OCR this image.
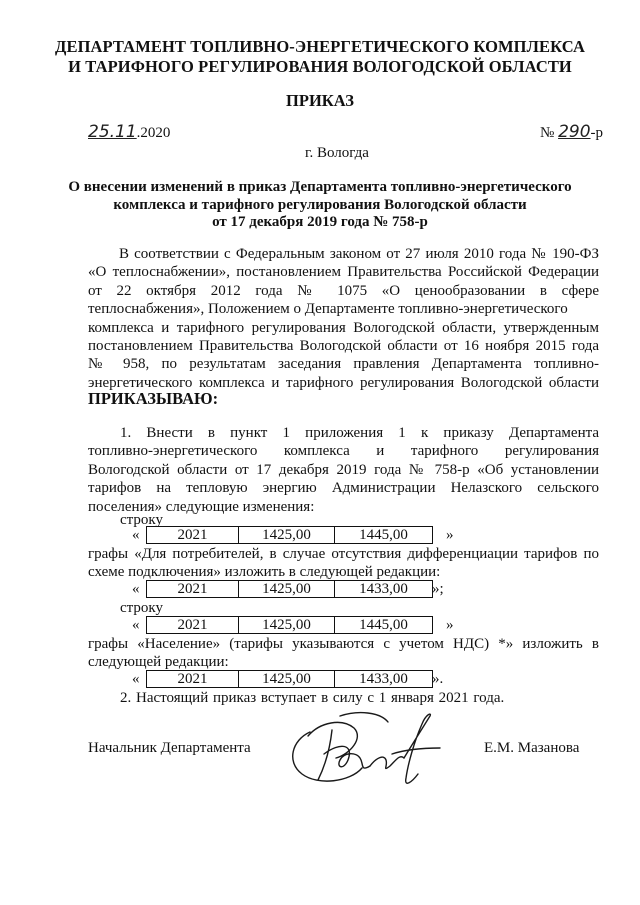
ДЕПАРТАМЕНТ ТОПЛИВНО-ЭНЕРГЕТИЧЕСКОГО КОМПЛЕКСА
И ТАРИФНОГО РЕГУЛИРОВАНИЯ ВОЛОГОДСКОЙ ОБЛАСТИ
ПРИКАЗ
25.11.2020	№ 290-р
г. Вологда
О внесении изменений в приказ Департамента топливно-энергетического
комплекса и тарифного регулирования Вологодской области
от 17 декабря 2019 года № 758-р
В соответствии с Федеральным законом от 27 июля 2010 года № 190-ФЗ
«О теплоснабжении», постановлением Правительства Российской Федерации
от 22 октября 2012 года № 1075 «О ценообразовании в сфере
теплоснабжения», Положением о Департаменте топливно-энергетического
комплекса и тарифного регулирования Вологодской области, утвержденным
постановлением Правительства Вологодской области от 16 ноября 2015 года
№ 958, по результатам заседания правления Департамента топливно-
энергетического комплекса и тарифного регулирования Вологодской области
ПРИКАЗЫВАЮ:
1. Внести в пункт 1 приложения 1 к приказу Департамента
топливно-энергетического комплекса и тарифного регулирования
Вологодской области от 17 декабря 2019 года № 758-р «Об установлении
тарифов на тепловую энергию Администрации Нелазского сельского
поселения» следующие изменения:
строку
«	2021	1425,00	1445,00	»
графы «Для потребителей, в случае отсутствия дифференциации тарифов по
схеме подключения» изложить в следующей редакции:
«	2021	1425,00	1433,00 »;
строку
«	2021	1425,00	1445,00	»
графы «Население» (тарифы указываются с учетом НДС) *» изложить в
следующей редакции:
«	2021	1425,00	1433,00 ».
2. Настоящий приказ вступает в силу с 1 января 2021 года.
Начальник Департамента	Е.М. Мазанова
